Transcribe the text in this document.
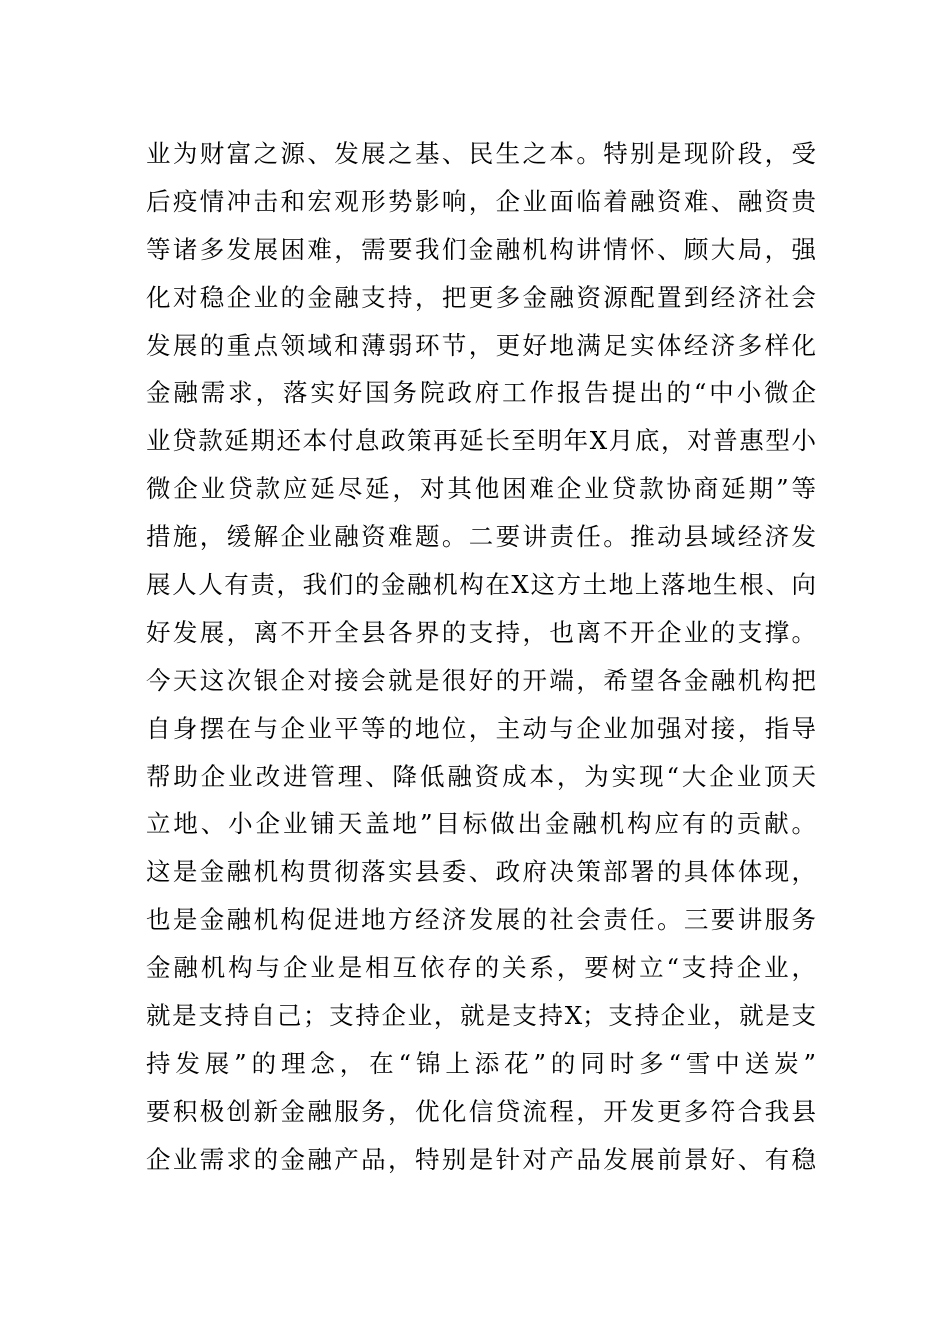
业为财富之源、发展之基、民生之本。特别是现阶段，受
后疫情冲击和宏观形势影响，企业面临着融资难、融资贵
等诸多发展困难，需要我们金融机构讲情怀、顾大局，强
化对稳企业的金融支持，把更多金融资源配置到经济社会
发展的重点领域和薄弱环节，更好地满足实体经济多样化
金融需求，落实好国务院政府工作报告提出的“中小微企
业贷款延期还本付息政策再延长至明年X月底，对普惠型小
微企业贷款应延尽延，对其他困难企业贷款协商延期”等
措施，缓解企业融资难题。二要讲责任。推动县域经济发
展人人有责，我们的金融机构在X这方土地上落地生根、向
好发展，离不开全县各界的支持，也离不开企业的支撑。
今天这次银企对接会就是很好的开端，希望各金融机构把
自身摆在与企业平等的地位，主动与企业加强对接，指导
帮助企业改进管理、降低融资成本，为实现“大企业顶天
立地、小企业铺天盖地”目标做出金融机构应有的贡献。
这是金融机构贯彻落实县委、政府决策部署的具体体现，
也是金融机构促进地方经济发展的社会责任。三要讲服务
金融机构与企业是相互依存的关系，要树立“支持企业，
就是支持自己；支持企业，就是支持X；支持企业，就是支
持发展”的理念，在“锦上添花”的同时多“雪中送炭”
要积极创新金融服务，优化信贷流程，开发更多符合我县
企业需求的金融产品，特别是针对产品发展前景好、有稳
